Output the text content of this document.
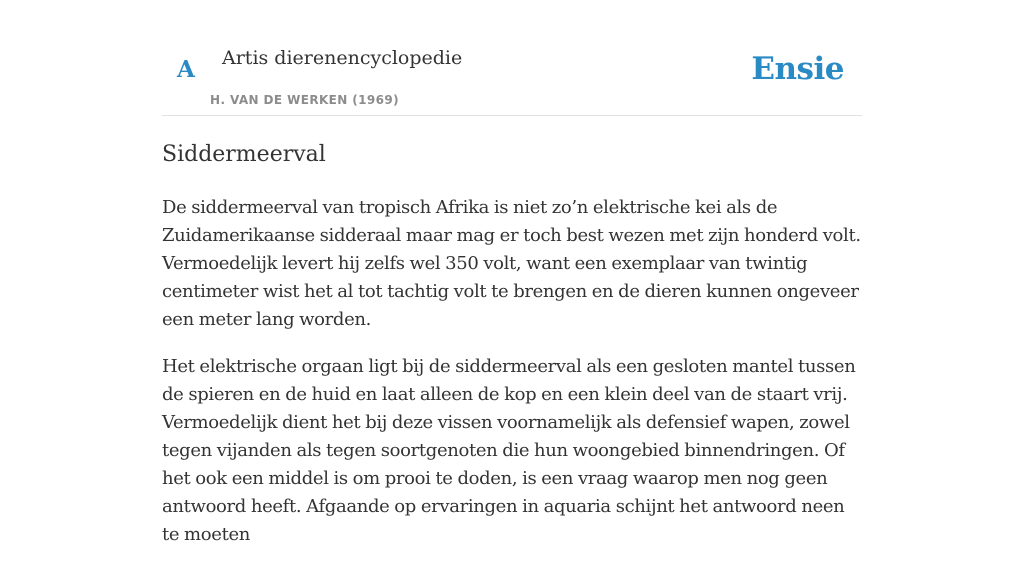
A Artis dierenencyclopedie
H. VAN DE WERKEN (1969)
Ensie
Siddermeerval

De siddermeerval van tropisch Afrika is niet zo’n elektrische kei als de Zuidamerikaanse sidderaal maar mag er toch best wezen met zijn honderd volt. Vermoedelijk levert hij zelfs wel 350 volt, want een exemplaar van twintig centimeter wist het al tot tachtig volt te brengen en de dieren kunnen ongeveer een meter lang worden.

Het elektrische orgaan ligt bij de siddermeerval als een gesloten mantel tussen de spieren en de huid en laat alleen de kop en een klein deel van de staart vrij. Vermoedelijk dient het bij deze vissen voornamelijk als defensief wapen, zowel tegen vijanden als tegen soortgenoten die hun woongebied binnendringen. Of het ook een middel is om prooi te doden, is een vraag waarop men nog geen antwoord heeft. Afgaande op ervaringen in aquaria schijnt het antwoord neen te moeten
